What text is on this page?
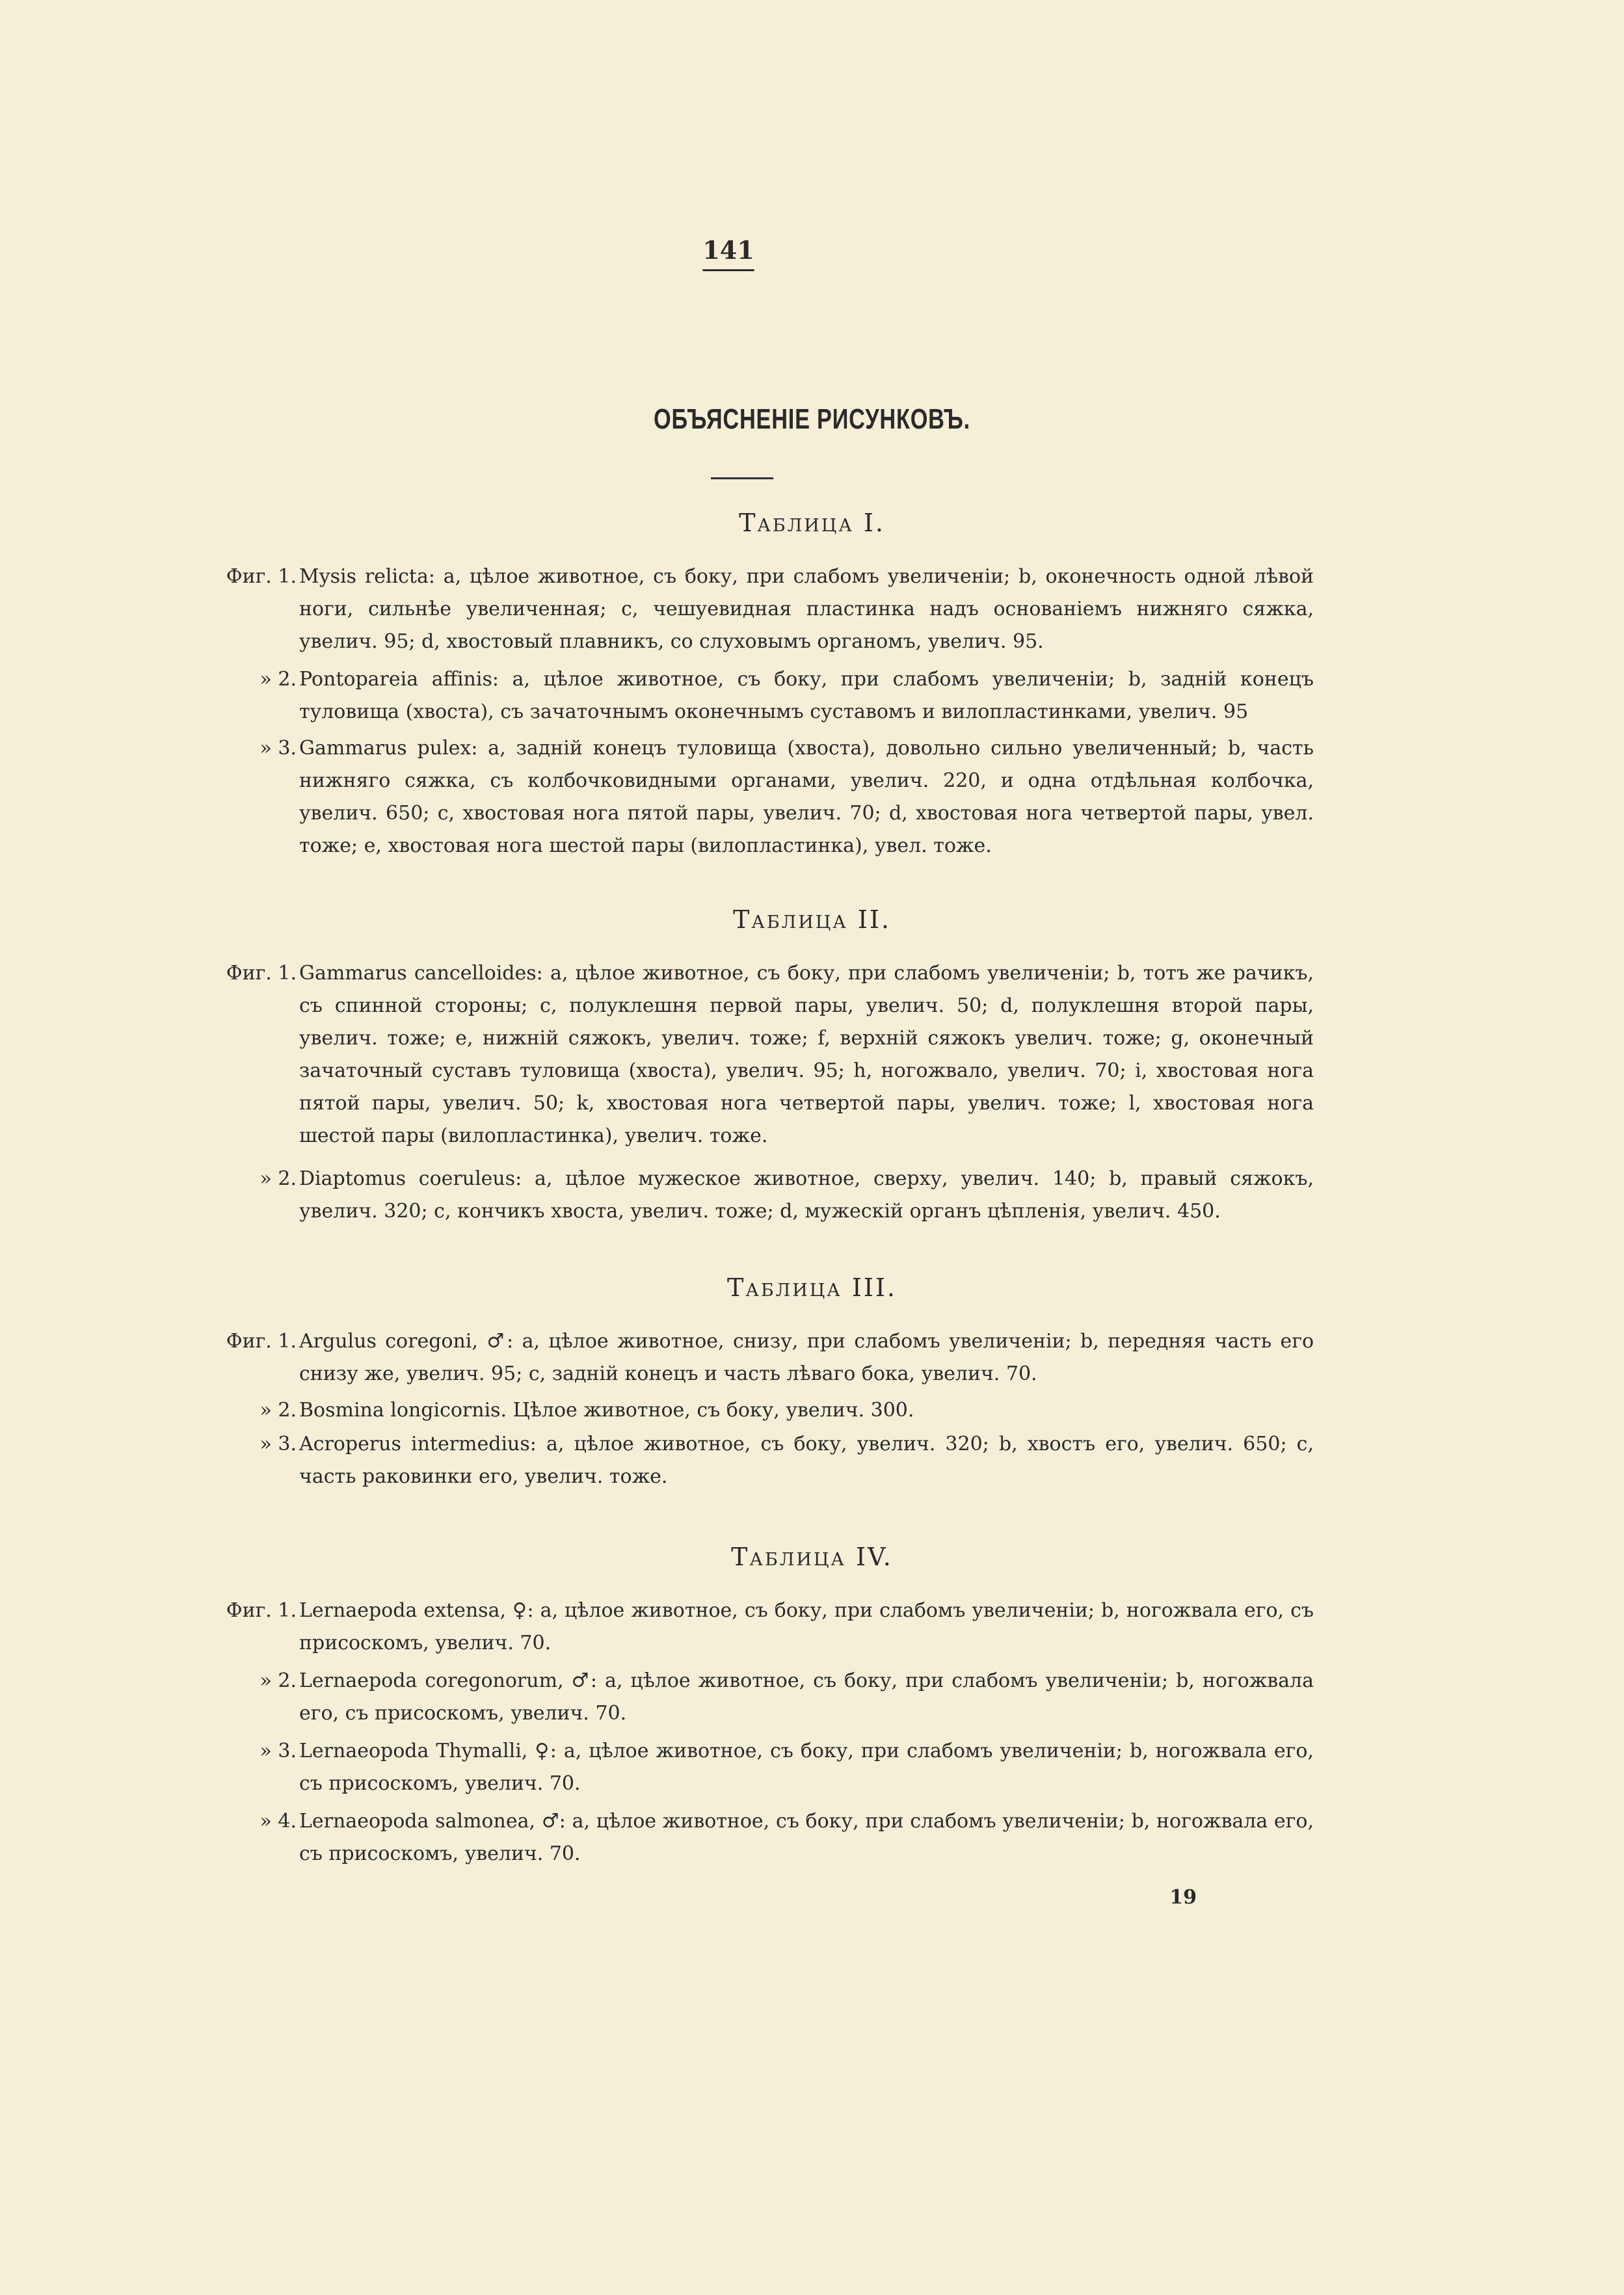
141
ОБЪЯСНЕНІЕ РИСУНКОВЪ.
Таблица I.
Фиг. 1. Mysis relicta: a, цѣлое животное, съ боку, при слабомъ увеличеніи; b, оконечность одной лѣвой ноги, сильнѣе увеличенная; c, чешуевидная пластинка надъ основаніемъ нижняго сяжка, увелич. 95; d, хвостовый плавникъ, со слуховымъ органомъ, увелич. 95.
» 2. Pontopareia affinis: a, цѣлое животное, съ боку, при слабомъ увеличеніи; b, задній конецъ туловища (хвоста), съ зачаточнымъ оконечнымъ суставомъ и вилопластинками, увелич. 95
» 3. Gammarus pulex: a, задній конецъ туловища (хвоста), довольно сильно увеличенный; b, часть нижняго сяжка, съ колбочковидными органами, увелич. 220, и одна отдѣльная колбочка, увелич. 650; c, хвостовая нога пятой пары, увелич. 70; d, хвостовая нога четвертой пары, увел. тоже; e, хвостовая нога шестой пары (вилопластинка), увел. тоже.
Таблица II.
Фиг. 1. Gammarus cancelloides: a, цѣлое животное, съ боку, при слабомъ увеличеніи; b, тотъ же рачикъ, съ спинной стороны; c, полуклешня первой пары, увелич. 50; d, полуклешня второй пары, увелич. тоже; e, нижній сяжокъ, увелич. тоже; f, верхній сяжокъ увелич. тоже; g, оконечный зачаточный суставъ туловища (хвоста), увелич. 95; h, ногожвало, увелич. 70; i, хвостовая нога пятой пары, увелич. 50; k, хвостовая нога четвертой пары, увелич. тоже; l, хвостовая нога шестой пары (вилопластинка), увелич. тоже.
» 2. Diaptomus coeruleus: a, цѣлое мужеское животное, сверху, увелич. 140; b, правый сяжокъ, увелич. 320; c, кончикъ хвоста, увелич. тоже; d, мужескій органъ цѣпленія, увелич. 450.
Таблица III.
Фиг. 1. Argulus coregoni, ♂: a, цѣлое животное, снизу, при слабомъ увеличеніи; b, передняя часть его снизу же, увелич. 95; c, задній конецъ и часть лѣваго бока, увелич. 70.
» 2. Bosmina longicornis. Цѣлое животное, съ боку, увелич. 300.
» 3. Acroperus intermedius: a, цѣлое животное, съ боку, увелич. 320; b, хвостъ его, увелич. 650; c, часть раковинки его, увелич. тоже.
Таблица IV.
Фиг. 1. Lernaepoda extensa, ♀: a, цѣлое животное, съ боку, при слабомъ увеличеніи; b, ногожвала его, съ присоскомъ, увелич. 70.
» 2. Lernaepoda coregonorum, ♂: a, цѣлое животное, съ боку, при слабомъ увеличеніи; b, ногожвала его, съ присоскомъ, увелич. 70.
» 3. Lernaeopoda Thymalli, ♀: a, цѣлое животное, съ боку, при слабомъ увеличеніи; b, ногожвала его, съ присоскомъ, увелич. 70.
» 4. Lernaeopoda salmonea, ♂: a, цѣлое животное, съ боку, при слабомъ увеличеніи; b, ногожвала его, съ присоскомъ, увелич. 70.
19
